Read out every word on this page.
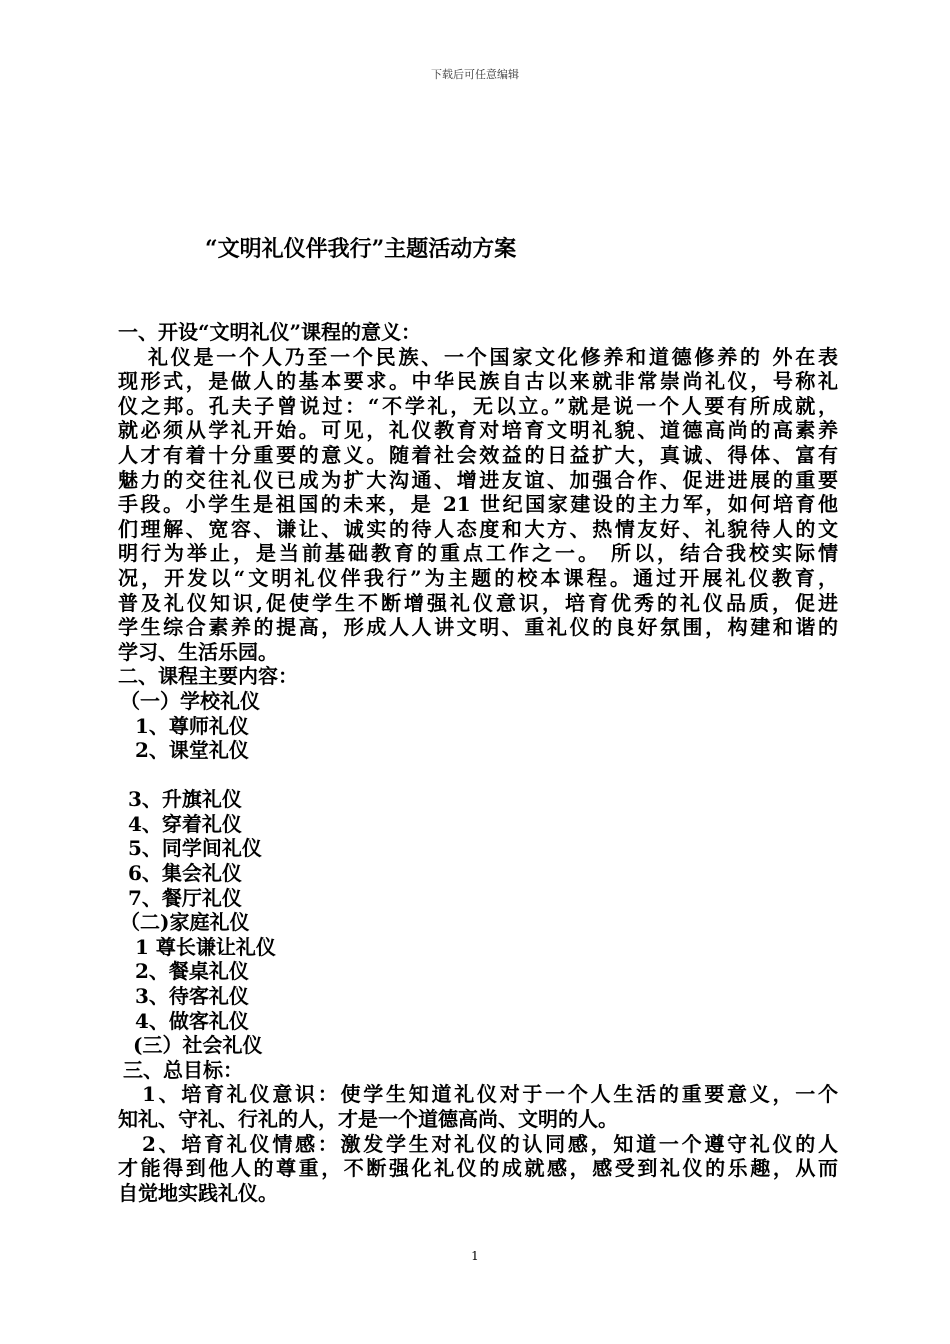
下载后可任意编辑
“文明礼仪伴我行”主题活动方案
一、开设“文明礼仪”课程的意义：
礼仪是一个人乃至一个民族、一个国家文化修养和道德修养的 外在表
现形式，是做人的基本要求。中华民族自古以来就非常崇尚礼仪，号称礼
仪之邦。孔夫子曾说过：“不学礼，无以立。”就是说一个人要有所成就，
就必须从学礼开始。可见，礼仪教育对培育文明礼貌、道德高尚的高素养
人才有着十分重要的意义。随着社会效益的日益扩大，真诚、得体、富有
魅力的交往礼仪已成为扩大沟通、增进友谊、加强合作、促进进展的重要
手段。小学生是祖国的未来，是 21 世纪国家建设的主力军，如何培育他
们理解、宽容、谦让、诚实的待人态度和大方、热情友好、礼貌待人的文
明行为举止，是当前基础教育的重点工作之一。 所以，结合我校实际情
况，开发以“文明礼仪伴我行”为主题的校本课程。通过开展礼仪教育，
普及礼仪知识,促使学生不断增强礼仪意识，培育优秀的礼仪品质，促进
学生综合素养的提高，形成人人讲文明、重礼仪的良好氛围，构建和谐的
学习、生活乐园。
二、课程主要内容：
（一）学校礼仪
1、尊师礼仪
2、课堂礼仪

3、升旗礼仪
4、穿着礼仪
5、同学间礼仪
6、集会礼仪
7、餐厅礼仪
（二)家庭礼仪
1 尊长谦让礼仪
2、餐桌礼仪
3、待客礼仪
4、做客礼仪
(三）社会礼仪
三、总目标：
1、培育礼仪意识：使学生知道礼仪对于一个人生活的重要意义，一个
知礼、守礼、行礼的人，才是一个道德高尚、文明的人。
2、培育礼仪情感：激发学生对礼仪的认同感，知道一个遵守礼仪的人
才能得到他人的尊重，不断强化礼仪的成就感，感受到礼仪的乐趣，从而
自觉地实践礼仪。
1
